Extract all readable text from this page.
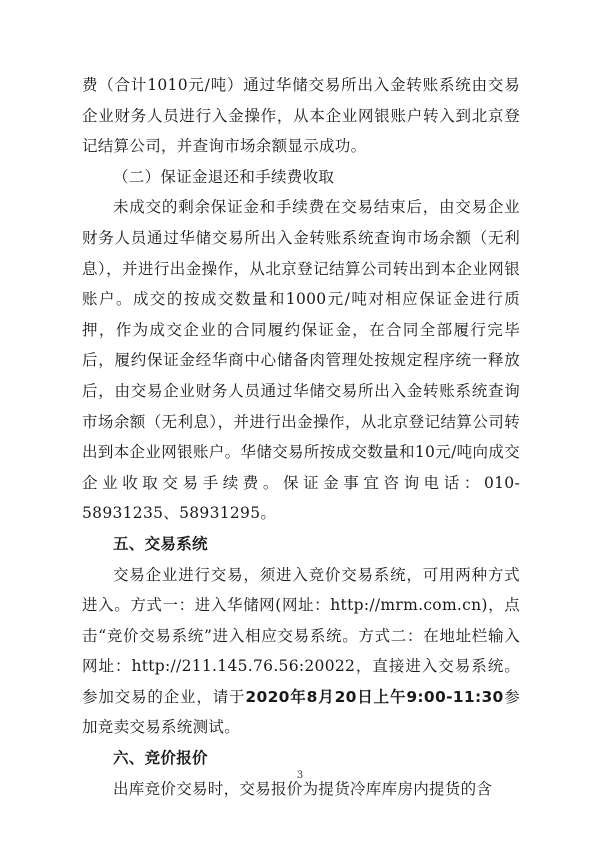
费（合计1010元/吨）通过华储交易所出入金转账系统由交易企业财务人员进行入金操作，从本企业网银账户转入到北京登记结算公司，并查询市场余额显示成功。

（二）保证金退还和手续费收取

未成交的剩余保证金和手续费在交易结束后，由交易企业财务人员通过华储交易所出入金转账系统查询市场余额（无利息），并进行出金操作，从北京登记结算公司转出到本企业网银账户。成交的按成交数量和1000元/吨对相应保证金进行质押，作为成交企业的合同履约保证金，在合同全部履行完毕后，履约保证金经华商中心储备肉管理处按规定程序统一释放后，由交易企业财务人员通过华储交易所出入金转账系统查询市场余额（无利息），并进行出金操作，从北京登记结算公司转出到本企业网银账户。华储交易所按成交数量和10元/吨向成交企业收取交易手续费。保证金事宜咨询电话：010-58931235、58931295。

五、交易系统

交易企业进行交易，须进入竞价交易系统，可用两种方式进入。方式一：进入华储网(网址：http://mrm.com.cn)，点击“竞价交易系统”进入相应交易系统。方式二：在地址栏输入网址：http://211.145.76.56:20022，直接进入交易系统。参加交易的企业，请于2020年8月20日上午9:00-11:30参加竞卖交易系统测试。

六、竞价报价

出库竞价交易时，交易报价为提货冷库库房内提货的含

3
